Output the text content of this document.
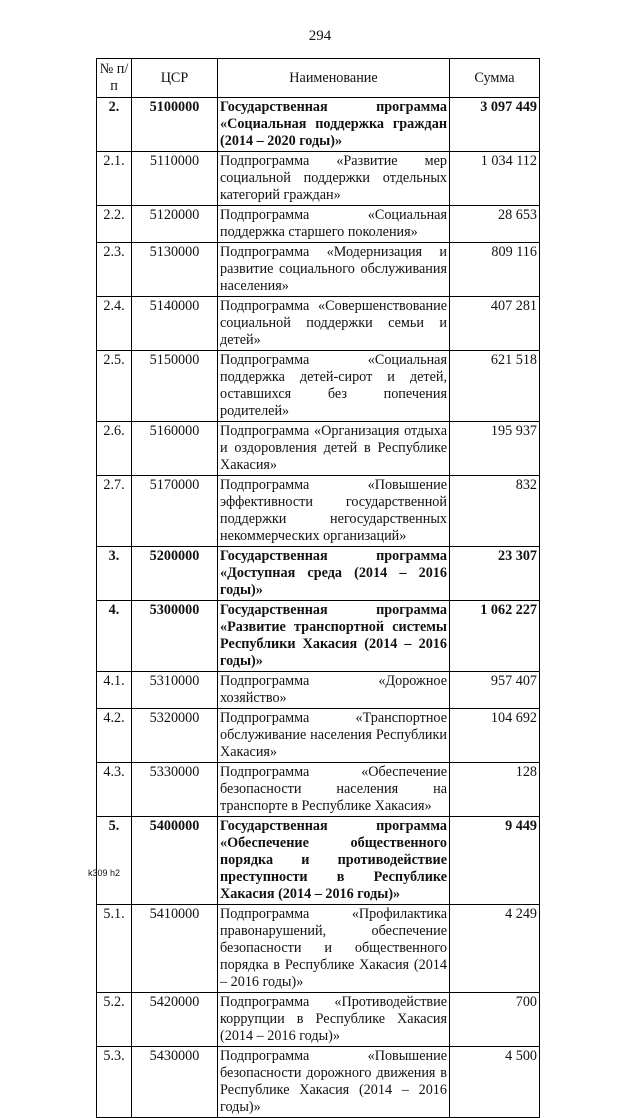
294
№ п/п	ЦСР	Наименование	Сумма
2.	5100000	Государственная программа «Социальная поддержка граждан (2014 – 2020 годы)»	3 097 449
2.1.	5110000	Подпрограмма «Развитие мер социальной поддержки отдельных категорий граждан»	1 034 112
2.2.	5120000	Подпрограмма «Социальная поддержка старшего поколения»	28 653
2.3.	5130000	Подпрограмма «Модернизация и развитие социального обслуживания населения»	809 116
2.4.	5140000	Подпрограмма «Совершенствование социальной поддержки семьи и детей»	407 281
2.5.	5150000	Подпрограмма «Социальная поддержка детей-сирот и детей, оставшихся без попечения родителей»	621 518
2.6.	5160000	Подпрограмма «Организация отдыха и оздоровления детей в Республике Хакасия»	195 937
2.7.	5170000	Подпрограмма «Повышение эффективности государственной поддержки негосударственных некоммерческих организаций»	832
3.	5200000	Государственная программа «Доступная среда (2014 – 2016 годы)»	23 307
4.	5300000	Государственная программа «Развитие транспортной системы Республики Хакасия (2014 – 2016 годы)»	1 062 227
4.1.	5310000	Подпрограмма «Дорожное хозяйство»	957 407
4.2.	5320000	Подпрограмма «Транспортное обслуживание населения Республики Хакасия»	104 692
4.3.	5330000	Подпрограмма «Обеспечение безопасности населения на транспорте в Республике Хакасия»	128
5.	5400000	Государственная программа «Обеспечение общественного порядка и противодействие преступности в Республике Хакасия (2014 – 2016 годы)»	9 449
5.1.	5410000	Подпрограмма «Профилактика правонарушений, обеспечение безопасности и общественного порядка в Республике Хакасия (2014 – 2016 годы)»	4 249
5.2.	5420000	Подпрограмма «Противодействие коррупции в Республике Хакасия (2014 – 2016 годы)»	700
5.3.	5430000	Подпрограмма «Повышение безопасности дорожного движения в Республике Хакасия (2014 – 2016 годы)»	4 500
k309 h2
